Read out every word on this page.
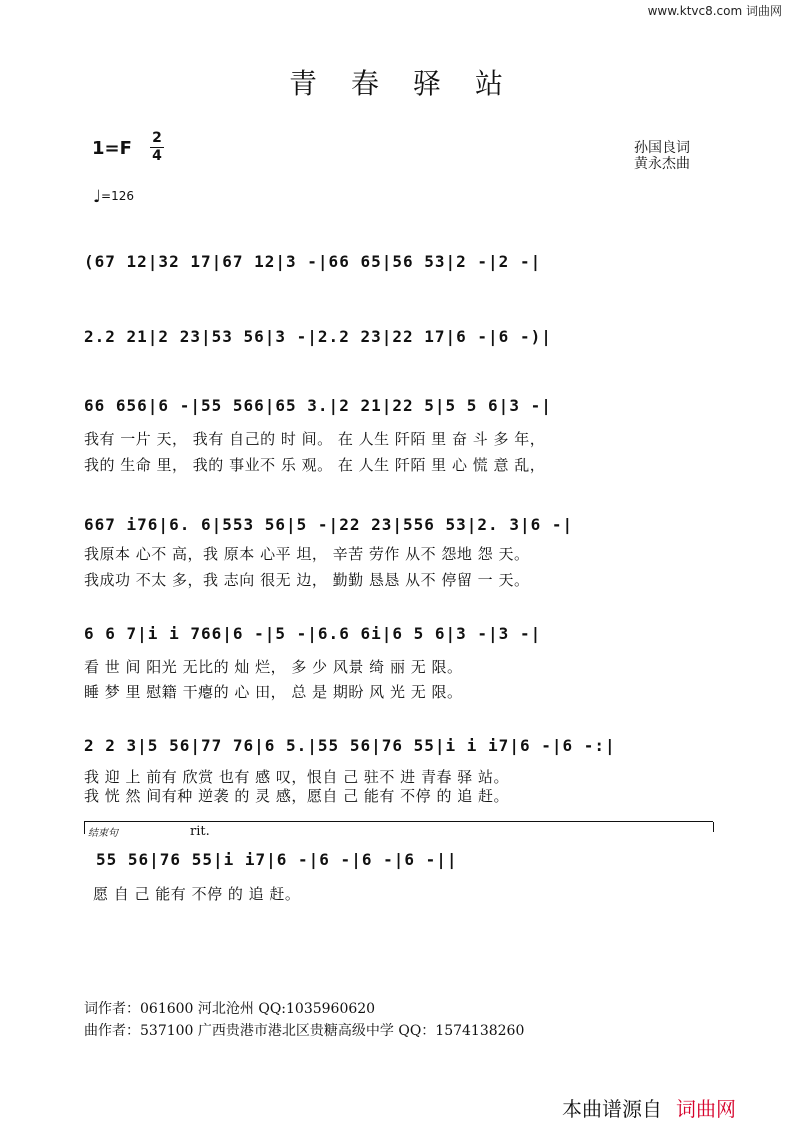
www.ktvc8.com 词曲网
青春驿站
1=F 2
4	孙国良词
黄永杰曲
♩=126
(67 12|32 17|67 12|3 -|66 65|56 53|2 -|2 -|
2.2 21|2 23|53 56|3 -|2.2 23|22 17|6 -|6 -)|
66 656|6 -|55 566|65 3.|2 21|22 5|5 5 6|3 -|
我有 一片 天， 我有 自己的 时 间。 在 人生 阡陌 里 奋 斗 多 年，
我的 生命 里， 我的 事业不 乐 观。 在 人生 阡陌 里 心 慌 意 乱，
667 i76|6. 6|553 56|5 -|22 23|556 53|2. 3|6 -|
我原本 心不 高，我 原本 心平 坦， 辛苦 劳作 从不 怨地 怨 天。
我成功 不太 多，我 志向 很无 边， 勤勤 恳恳 从不 停留 一 天。
6 6 7|i i 766|6 -|5 -|6.6 6i|6 5 6|3 -|3 -|
看 世 间 阳光 无比的 灿 烂， 多 少 风景 绮 丽 无 限。
睡 梦 里 慰籍 干瘪的 心 田， 总 是 期盼 风 光 无 限。
2 2 3|5 56|77 76|6 5.|55 56|76 55|i i i7|6 -|6 -:|
我 迎 上 前有 欣赏 也有 感 叹，恨自 己 驻不 进 青春 驿 站。
我 恍 然 间有种 逆袭 的 灵 感，愿自 己 能有 不停 的 追 赶。
结束句	rit.
55 56|76 55|i i7|6 -|6 -|6 -|6 -||
愿 自 己 能有 不停 的 追 赶。
词作者：061600 河北沧州 QQ:1035960620
曲作者：537100 广西贵港市港北区贵糖高级中学 QQ：1574138260
本曲谱源自 词曲网
